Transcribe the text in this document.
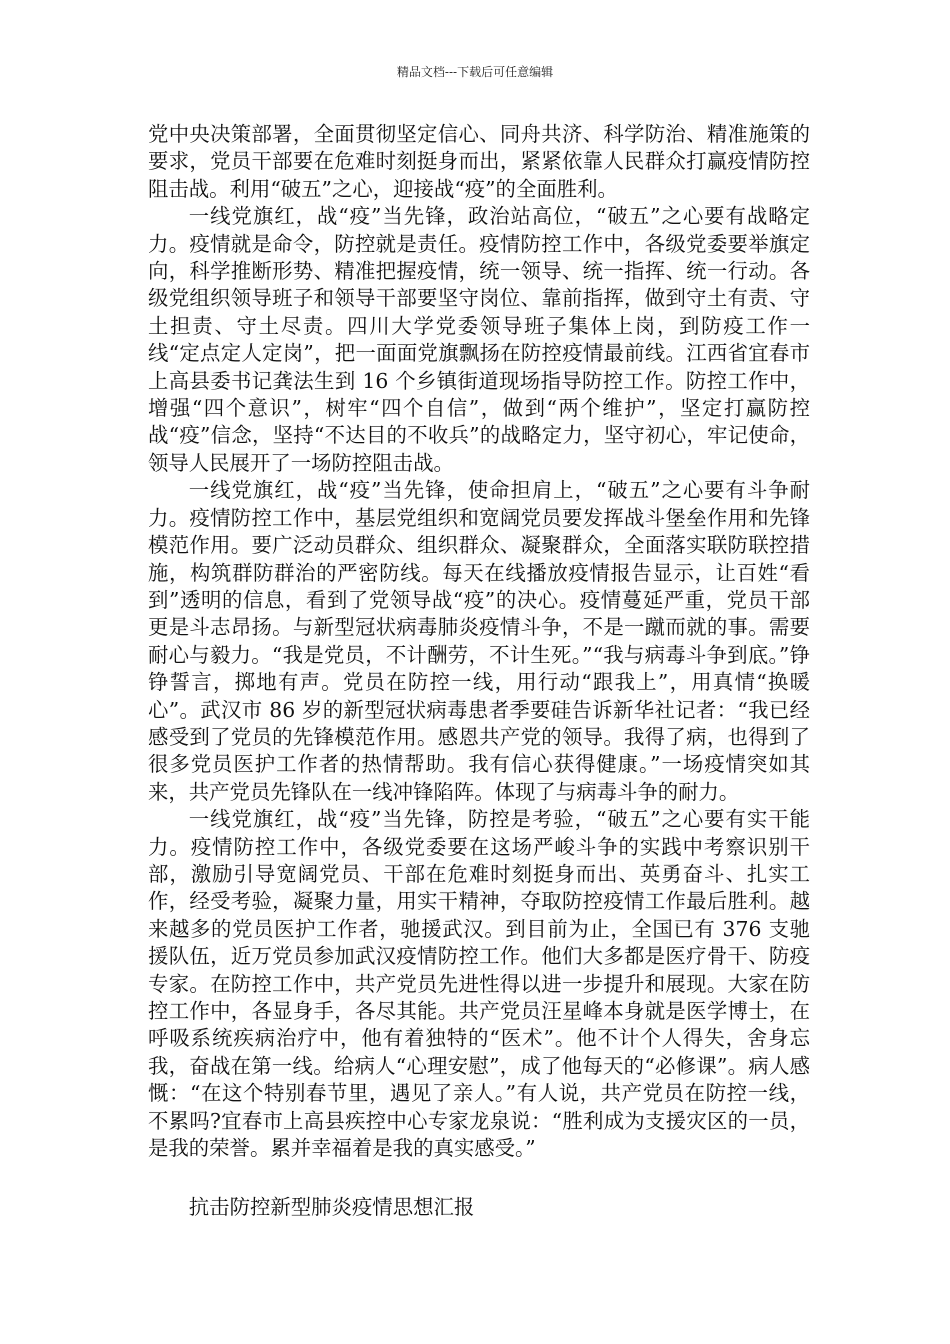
精品文档---下载后可任意编辑

党中央决策部署，全面贯彻坚定信心、同舟共济、科学防治、精准施策的要求，党员干部要在危难时刻挺身而出，紧紧依靠人民群众打赢疫情防控阻击战。利用“破五”之心，迎接战“疫”的全面胜利。

一线党旗红，战“疫”当先锋，政治站高位，“破五”之心要有战略定力。疫情就是命令，防控就是责任。疫情防控工作中，各级党委要举旗定向，科学推断形势、精准把握疫情，统一领导、统一指挥、统一行动。各级党组织领导班子和领导干部要坚守岗位、靠前指挥，做到守土有责、守土担责、守土尽责。四川大学党委领导班子集体上岗，到防疫工作一线“定点定人定岗”，把一面面党旗飘扬在防控疫情最前线。江西省宜春市上高县委书记龚法生到 16 个乡镇街道现场指导防控工作。防控工作中，增强“四个意识”，树牢“四个自信”，做到“两个维护”，坚定打赢防控战“疫”信念，坚持“不达目的不收兵”的战略定力，坚守初心，牢记使命，领导人民展开了一场防控阻击战。

一线党旗红，战“疫”当先锋，使命担肩上，“破五”之心要有斗争耐力。疫情防控工作中，基层党组织和宽阔党员要发挥战斗堡垒作用和先锋模范作用。要广泛动员群众、组织群众、凝聚群众，全面落实联防联控措施，构筑群防群治的严密防线。每天在线播放疫情报告显示，让百姓“看到”透明的信息，看到了党领导战“疫”的决心。疫情蔓延严重，党员干部更是斗志昂扬。与新型冠状病毒肺炎疫情斗争，不是一蹴而就的事。需要耐心与毅力。“我是党员，不计酬劳，不计生死。”“我与病毒斗争到底。”铮铮誓言，掷地有声。党员在防控一线，用行动“跟我上”，用真情“换暖心”。武汉市 86 岁的新型冠状病毒患者季要硅告诉新华社记者：“我已经感受到了党员的先锋模范作用。感恩共产党的领导。我得了病，也得到了很多党员医护工作者的热情帮助。我有信心获得健康。”一场疫情突如其来，共产党员先锋队在一线冲锋陷阵。体现了与病毒斗争的耐力。

一线党旗红，战“疫”当先锋，防控是考验，“破五”之心要有实干能力。疫情防控工作中，各级党委要在这场严峻斗争的实践中考察识别干部，激励引导宽阔党员、干部在危难时刻挺身而出、英勇奋斗、扎实工作，经受考验，凝聚力量，用实干精神，夺取防控疫情工作最后胜利。越来越多的党员医护工作者，驰援武汉。到目前为止，全国已有 376 支驰援队伍，近万党员参加武汉疫情防控工作。他们大多都是医疗骨干、防疫专家。在防控工作中，共产党员先进性得以进一步提升和展现。大家在防控工作中，各显身手，各尽其能。共产党员汪星峰本身就是医学博士，在呼吸系统疾病治疗中，他有着独特的“医术”。他不计个人得失，舍身忘我，奋战在第一线。给病人“心理安慰”，成了他每天的“必修课”。病人感慨：“在这个特别春节里，遇见了亲人。”有人说，共产党员在防控一线，不累吗?宜春市上高县疾控中心专家龙泉说：“胜利成为支援灾区的一员，是我的荣誉。累并幸福着是我的真实感受。”

抗击防控新型肺炎疫情思想汇报
